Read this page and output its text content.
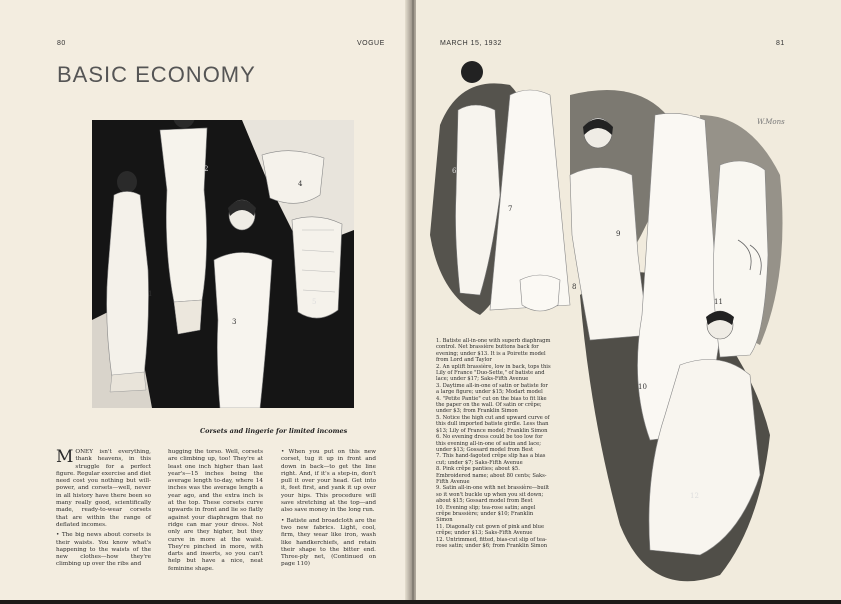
80	VOGUE
BASIC ECONOMY
1
2
3
4
5
Corsets and lingerie for limited incomes

MONEY isn't everything, thank heavens, in this struggle for a perfect figure. Regular exercise and diet need cost you nothing but will-power, and corsets—well, never in all history have there been so many really good, scientifically made, ready-to-wear corsets that are within the range of deflated incomes.

• The big news about corsets is their waists. You know what's happening to the waists of the new clothes—how they're climbing up over the ribs and

hugging the torso. Well, corsets are climbing up, too! They're at least one inch higher than last year's—15 inches being the average length to-day, where 14 inches was the average length a year ago, and the extra inch is at the top. These corsets curve upwards in front and lie so flatly against your diaphragm that no ridge can mar your dress. Not only are they higher, but they curve in more at the waist. They're pinched in more, with darts and inserts, so you can't help but have a nice, neat feminine shape.

• When you put on this new corset, tug it up in front and down in back—to get the line right. And, if it's a step-in, don't pull it over your head. Get into it, feet first, and yank it up over your hips. This procedure will save stretching at the top—and also save money in the long run.

• Batiste and broadcloth are the two new fabrics. Light, cool, firm, they wear like iron, wash like handkerchiefs, and retain their shape to the bitter end. Three-ply net, (Continued on page 110)

MARCH 15, 1932	81
6
7
8
9
10
11
12
W.Mons

1. Batiste all-in-one with superb diaphragm control. Net brassière buttons back for evening; under $13. It is a Poirette model from Lord and Taylor

2. An uplift brassière, low in back, tops this Lily of France "Duo-Sette," of batiste and lace; under $17; Saks-Fifth Avenue

3. Daytime all-in-one of satin or batiste for a large figure; under $15; Modart model

4. "Petite Pantie" cut on the bias to fit like the paper on the wall. Of satin or crêpe; under $3; from Franklin Simon

5. Notice the high cut and upward curve of this dull imported batiste girdle. Less than $13; Lily of France model; Franklin Simon

6. No evening dress could be too low for this evening all-in-one of satin and lace; under $13; Gossard model from Best

7. This hand-fagoted crêpe slip has a bias cut; under $7; Saks-Fifth Avenue

8. Pink crêpe panties; about $5. Embroidered name; about 80 cents; Saks-Fifth Avenue

9. Satin all-in-one with net brassière—built so it won't buckle up when you sit down; about $15; Gossard model from Best

10. Evening slip; tea-rose satin; angel crêpe brassière; under $10; Franklin Simon

11. Diagonally cut gown of pink and blue crêpe; under $13; Saks-Fifth Avenue

12. Untrimmed, fitted, bias-cut slip of tea-rose satin; under $6; from Franklin Simon
